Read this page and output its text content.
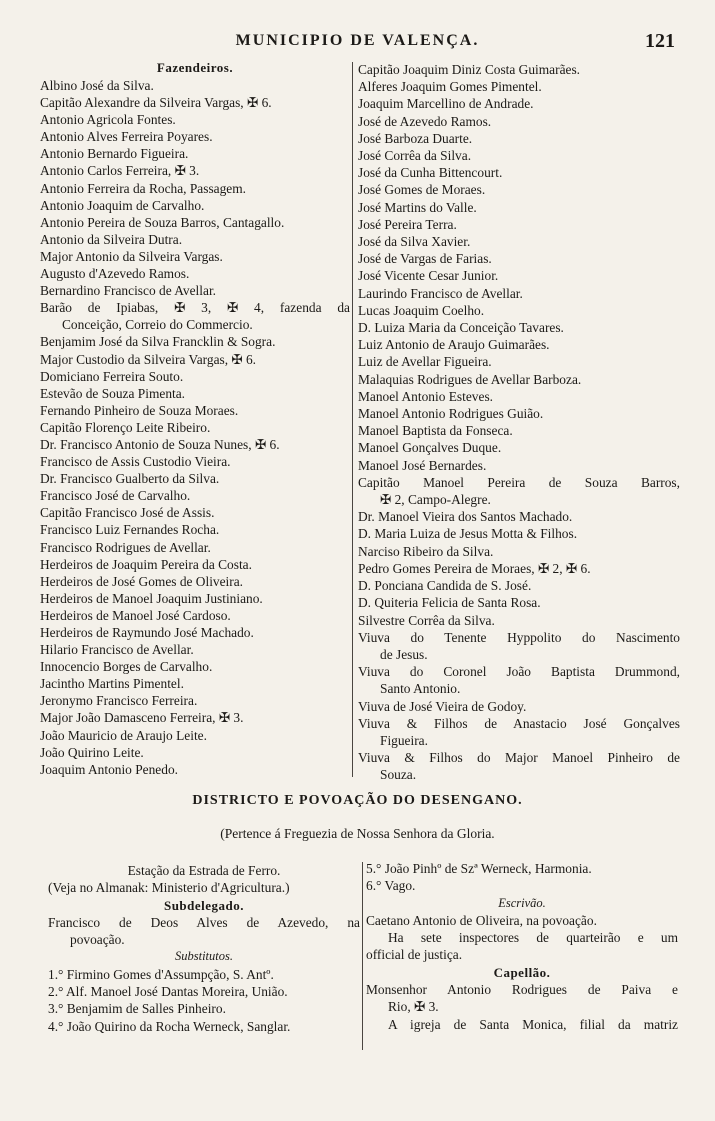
MUNICIPIO DE VALENÇA.	121
Fazendeiros.
Albino José da Silva.
Capitão Alexandre da Silveira Vargas, ✠ 6.
Antonio Agricola Fontes.
Antonio Alves Ferreira Poyares.
Antonio Bernardo Figueira.
Antonio Carlos Ferreira, ✠ 3.
Antonio Ferreira da Rocha, Passagem.
Antonio Joaquim de Carvalho.
Antonio Pereira de Souza Barros, Cantagallo.
Antonio da Silveira Dutra.
Major Antonio da Silveira Vargas.
Augusto d'Azevedo Ramos.
Bernardino Francisco de Avellar.
Barão de Ipiabas, ✠ 3, ✠ 4, fazenda da
Conceição, Correio do Commercio.
Benjamim José da Silva Francklin & Sogra.
Major Custodio da Silveira Vargas, ✠ 6.
Domiciano Ferreira Souto.
Estevão de Souza Pimenta.
Fernando Pinheiro de Souza Moraes.
Capitão Florenço Leite Ribeiro.
Dr. Francisco Antonio de Souza Nunes, ✠ 6.
Francisco de Assis Custodio Vieira.
Dr. Francisco Gualberto da Silva.
Francisco José de Carvalho.
Capitão Francisco José de Assis.
Francisco Luiz Fernandes Rocha.
Francisco Rodrigues de Avellar.
Herdeiros de Joaquim Pereira da Costa.
Herdeiros de José Gomes de Oliveira.
Herdeiros de Manoel Joaquim Justiniano.
Herdeiros de Manoel José Cardoso.
Herdeiros de Raymundo José Machado.
Hilario Francisco de Avellar.
Innocencio Borges de Carvalho.
Jacintho Martins Pimentel.
Jeronymo Francisco Ferreira.
Major João Damasceno Ferreira, ✠ 3.
João Mauricio de Araujo Leite.
João Quirino Leite.
Joaquim Antonio Penedo.
Capitão Joaquim Diniz Costa Guimarães.
Alferes Joaquim Gomes Pimentel.
Joaquim Marcellino de Andrade.
José de Azevedo Ramos.
José Barboza Duarte.
José Corrêa da Silva.
José da Cunha Bittencourt.
José Gomes de Moraes.
José Martins do Valle.
José Pereira Terra.
José da Silva Xavier.
José de Vargas de Farias.
José Vicente Cesar Junior.
Laurindo Francisco de Avellar.
Lucas Joaquim Coelho.
D. Luiza Maria da Conceição Tavares.
Luiz Antonio de Araujo Guimarães.
Luiz de Avellar Figueira.
Malaquias Rodrigues de Avellar Barboza.
Manoel Antonio Esteves.
Manoel Antonio Rodrigues Guião.
Manoel Baptista da Fonseca.
Manoel Gonçalves Duque.
Manoel José Bernardes.
Capitão Manoel Pereira de Souza Barros,
✠ 2, Campo-Alegre.
Dr. Manoel Vieira dos Santos Machado.
D. Maria Luiza de Jesus Motta & Filhos.
Narciso Ribeiro da Silva.
Pedro Gomes Pereira de Moraes, ✠ 2, ✠ 6.
D. Ponciana Candida de S. José.
D. Quiteria Felicia de Santa Rosa.
Silvestre Corrêa da Silva.
Viuva do Tenente Hyppolito do Nascimento
de Jesus.
Viuva do Coronel João Baptista Drummond,
Santo Antonio.
Viuva de José Vieira de Godoy.
Viuva & Filhos de Anastacio José Gonçalves
Figueira.
Viuva & Filhos do Major Manoel Pinheiro de
Souza.
DISTRICTO E POVOAÇÃO DO DESENGANO.
(Pertence á Freguezia de Nossa Senhora da Gloria.
Estação da Estrada de Ferro.
(Veja no Almanak: Ministerio d'Agricultura.)
Subdelegado.
Francisco de Deos Alves de Azevedo, na
povoação.
Substitutos.
1.° Firmino Gomes d'Assumpção, S. Antº.
2.° Alf. Manoel José Dantas Moreira, União.
3.° Benjamim de Salles Pinheiro.
4.° João Quirino da Rocha Werneck, Sanglar.
5.° João Pinhº de Szª Werneck, Harmonia.
6.° Vago.
Escrivão.
Caetano Antonio de Oliveira, na povoação.
Ha sete inspectores de quarteirão e um
official de justiça.
Capellão.
Monsenhor Antonio Rodrigues de Paiva e
Rio, ✠ 3.
A igreja de Santa Monica, filial da matriz
